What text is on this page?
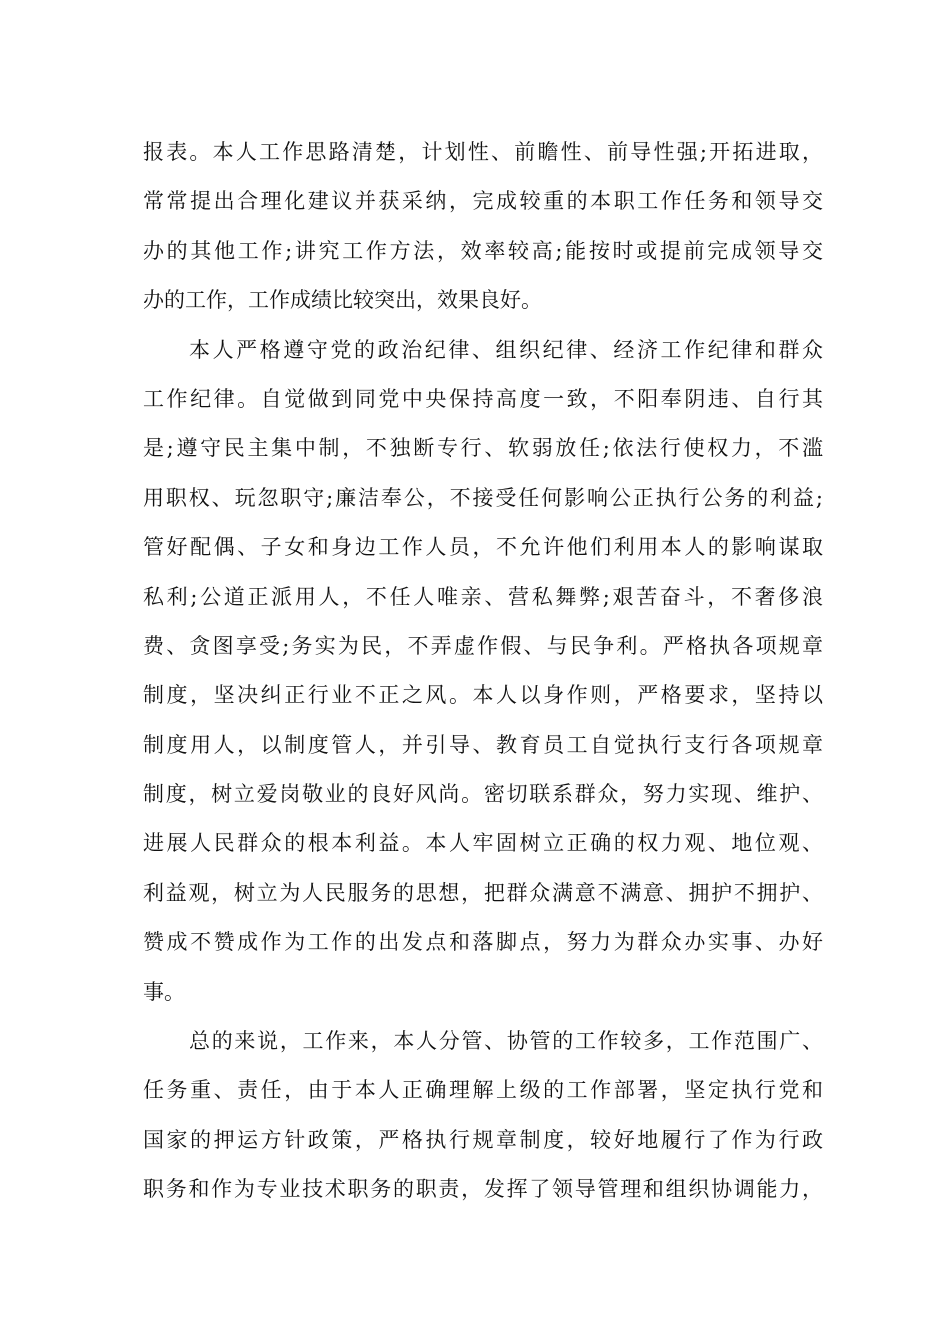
报表。本人工作思路清楚，计划性、前瞻性、前导性强;开拓进取，
常常提出合理化建议并获采纳，完成较重的本职工作任务和领导交
办的其他工作;讲究工作方法，效率较高;能按时或提前完成领导交
办的工作，工作成绩比较突出，效果良好。
本人严格遵守党的政治纪律、组织纪律、经济工作纪律和群众
工作纪律。自觉做到同党中央保持高度一致，不阳奉阴违、自行其
是;遵守民主集中制，不独断专行、软弱放任;依法行使权力，不滥
用职权、玩忽职守;廉洁奉公，不接受任何影响公正执行公务的利益;
管好配偶、子女和身边工作人员，不允许他们利用本人的影响谋取
私利;公道正派用人，不任人唯亲、营私舞弊;艰苦奋斗，不奢侈浪
费、贪图享受;务实为民，不弄虚作假、与民争利。严格执各项规章
制度，坚决纠正行业不正之风。本人以身作则，严格要求，坚持以
制度用人，以制度管人，并引导、教育员工自觉执行支行各项规章
制度，树立爱岗敬业的良好风尚。密切联系群众，努力实现、维护、
进展人民群众的根本利益。本人牢固树立正确的权力观、地位观、
利益观，树立为人民服务的思想，把群众满意不满意、拥护不拥护、
赞成不赞成作为工作的出发点和落脚点，努力为群众办实事、办好
事。
总的来说，工作来，本人分管、协管的工作较多，工作范围广、
任务重、责任，由于本人正确理解上级的工作部署，坚定执行党和
国家的押运方针政策，严格执行规章制度，较好地履行了作为行政
职务和作为专业技术职务的职责，发挥了领导管理和组织协调能力，
